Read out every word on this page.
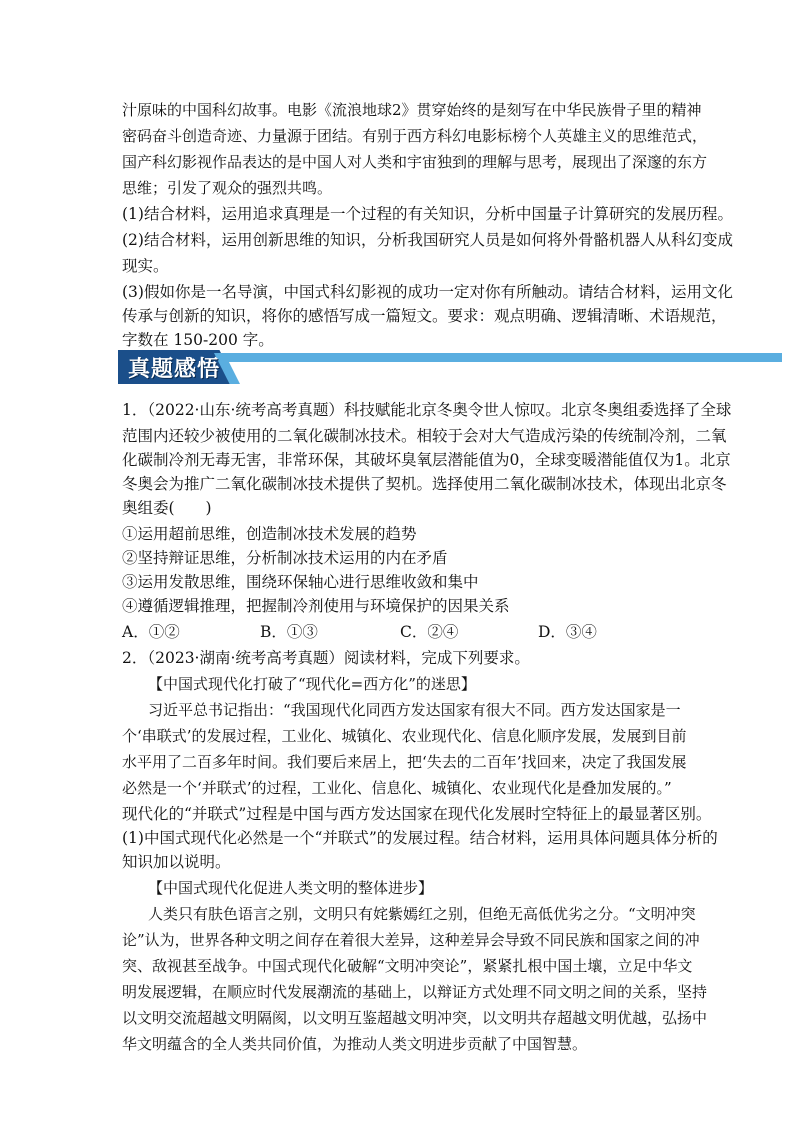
汁原味的中国科幻故事。电影《流浪地球2》贯穿始终的是刻写在中华民族骨子里的精神

密码奋斗创造奇迹、力量源于团结。有别于西方科幻电影标榜个人英雄主义的思维范式，

国产科幻影视作品表达的是中国人对人类和宇宙独到的理解与思考，展现出了深邃的东方

思维；引发了观众的强烈共鸣。

(1)结合材料，运用追求真理是一个过程的有关知识，分析中国量子计算研究的发展历程。

(2)结合材料，运用创新思维的知识，分析我国研究人员是如何将外骨骼机器人从科幻变成

现实。

(3)假如你是一名导演，中国式科幻影视的成功一定对你有所触动。请结合材料，运用文化

传承与创新的知识，将你的感悟写成一篇短文。要求：观点明确、逻辑清晰、术语规范，

字数在 150-200 字。

真题感悟

1．（2022·山东·统考高考真题）科技赋能北京冬奥令世人惊叹。北京冬奥组委选择了全球

范围内还较少被使用的二氧化碳制冰技术。相较于会对大气造成污染的传统制冷剂，二氧

化碳制冷剂无毒无害，非常环保，其破坏臭氧层潜能值为0，全球变暖潜能值仅为1。北京

冬奥会为推广二氧化碳制冰技术提供了契机。选择使用二氧化碳制冰技术，体现出北京冬

奥组委(　　)

①运用超前思维，创造制冰技术发展的趋势

②坚持辩证思维，分析制冰技术运用的内在矛盾

③运用发散思维，围绕环保轴心进行思维收敛和集中

④遵循逻辑推理，把握制冷剂使用与环境保护的因果关系

A．①②	B．①③	C．②④	D．③④

2．（2023·湖南·统考高考真题）阅读材料，完成下列要求。

【中国式现代化打破了“现代化=西方化”的迷思】

习近平总书记指出：“我国现代化同西方发达国家有很大不同。西方发达国家是一

个‘串联式’的发展过程，工业化、城镇化、农业现代化、信息化顺序发展，发展到目前

水平用了二百多年时间。我们要后来居上，把‘失去的二百年’找回来，决定了我国发展

必然是一个‘并联式’的过程，工业化、信息化、城镇化、农业现代化是叠加发展的。”

现代化的“并联式”过程是中国与西方发达国家在现代化发展时空特征上的最显著区别。

(1)中国式现代化必然是一个“并联式”的发展过程。结合材料，运用具体问题具体分析的

知识加以说明。

【中国式现代化促进人类文明的整体进步】

人类只有肤色语言之别，文明只有姹紫嫣红之别，但绝无高低优劣之分。“文明冲突

论”认为，世界各种文明之间存在着很大差异，这种差异会导致不同民族和国家之间的冲

突、敌视甚至战争。中国式现代化破解“文明冲突论”，紧紧扎根中国土壤，立足中华文

明发展逻辑，在顺应时代发展潮流的基础上，以辩证方式处理不同文明之间的关系，坚持

以文明交流超越文明隔阂，以文明互鉴超越文明冲突，以文明共存超越文明优越，弘扬中

华文明蕴含的全人类共同价值，为推动人类文明进步贡献了中国智慧。
